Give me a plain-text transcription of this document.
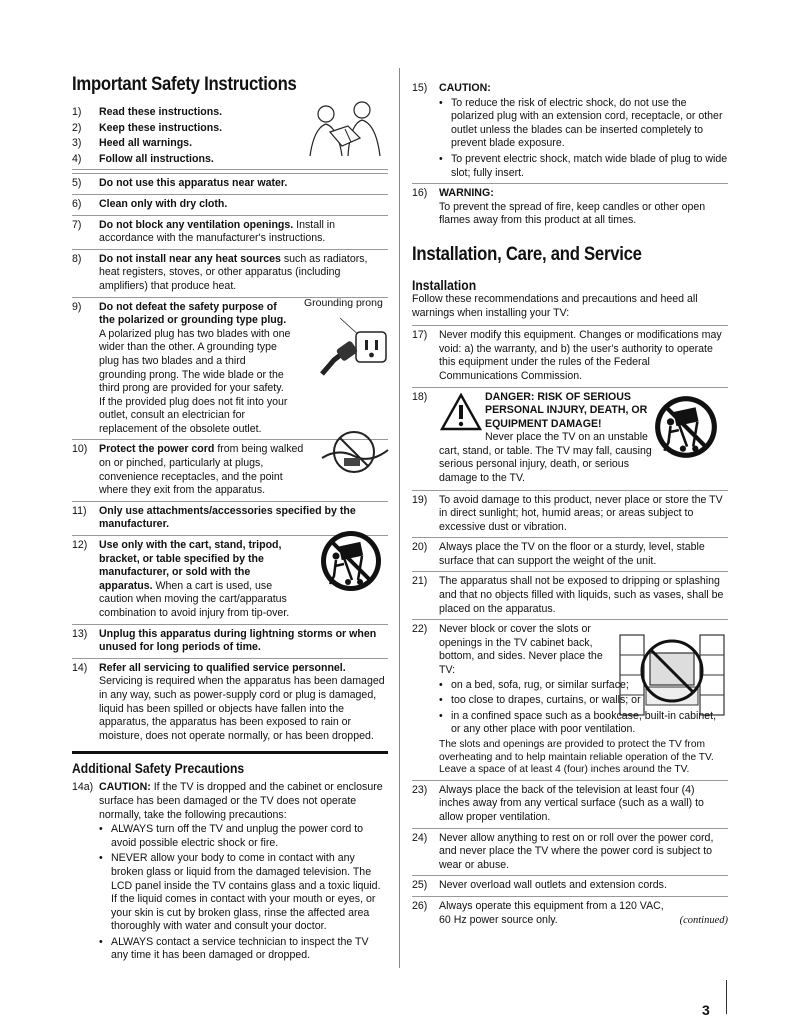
Important Safety Instructions
1) Read these instructions.
2) Keep these instructions.
3) Heed all warnings.
4) Follow all instructions.
5) Do not use this apparatus near water.
6) Clean only with dry cloth.
7) Do not block any ventilation openings. Install in accordance with the manufacturer's instructions.
8) Do not install near any heat sources such as radiators, heat registers, stoves, or other apparatus (including amplifiers) that produce heat.
9) Do not defeat the safety purpose of the polarized or grounding type plug. A polarized plug has two blades with one wider than the other. A grounding type plug has two blades and a third grounding prong. The wide blade or the third prong are provided for your safety. If the provided plug does not fit into your outlet, consult an electrician for replacement of the obsolete outlet.
10) Protect the power cord from being walked on or pinched, particularly at plugs, convenience receptacles, and the point where they exit from the apparatus.
11) Only use attachments/accessories specified by the manufacturer.
12) Use only with the cart, stand, tripod, bracket, or table specified by the manufacturer, or sold with the apparatus. When a cart is used, use caution when moving the cart/apparatus combination to avoid injury from tip-over.
13) Unplug this apparatus during lightning storms or when unused for long periods of time.
14) Refer all servicing to qualified service personnel. Servicing is required when the apparatus has been damaged in any way, such as power-supply cord or plug is damaged, liquid has been spilled or objects have fallen into the apparatus, the apparatus has been exposed to rain or moisture, does not operate normally, or has been dropped.
Additional Safety Precautions
14a) CAUTION: If the TV is dropped and the cabinet or enclosure surface has been damaged or the TV does not operate normally, take the following precautions:
• ALWAYS turn off the TV and unplug the power cord to avoid possible electric shock or fire.
• NEVER allow your body to come in contact with any broken glass or liquid from the damaged television. The LCD panel inside the TV contains glass and a toxic liquid. If the liquid comes in contact with your mouth or eyes, or your skin is cut by broken glass, rinse the affected area thoroughly with water and consult your doctor.
• ALWAYS contact a service technician to inspect the TV any time it has been damaged or dropped.
Grounding prong
15) CAUTION:
• To reduce the risk of electric shock, do not use the polarized plug with an extension cord, receptacle, or other outlet unless the blades can be inserted completely to prevent blade exposure.
• To prevent electric shock, match wide blade of plug to wide slot; fully insert.
16) WARNING:
To prevent the spread of fire, keep candles or other open flames away from this product at all times.
Installation, Care, and Service
Installation
Follow these recommendations and precautions and heed all warnings when installing your TV:
17) Never modify this equipment. Changes or modifications may void: a) the warranty, and b) the user's authority to operate this equipment under the rules of the Federal Communications Commission.
18)	DANGER: RISK OF SERIOUS PERSONAL INJURY, DEATH, OR EQUIPMENT DAMAGE!
Never place the TV on an unstable cart, stand, or table. The TV may fall, causing serious personal injury, death, or serious damage to the TV.
19) To avoid damage to this product, never place or store the TV in direct sunlight; hot, humid areas; or areas subject to excessive dust or vibration.
20) Always place the TV on the floor or a sturdy, level, stable surface that can support the weight of the unit.
21) The apparatus shall not be exposed to dripping or splashing and that no objects filled with liquids, such as vases, shall be placed on the apparatus.
22) Never block or cover the slots or openings in the TV cabinet back, bottom, and sides. Never place the TV:
• on a bed, sofa, rug, or similar surface;
• too close to drapes, curtains, or walls; or
• in a confined space such as a bookcase, built-in cabinet, or any other place with poor ventilation.
The slots and openings are provided to protect the TV from overheating and to help maintain reliable operation of the TV. Leave a space of at least 4 (four) inches around the TV.
23) Always place the back of the television at least four (4) inches away from any vertical surface (such as a wall) to allow proper ventilation.
24) Never allow anything to rest on or roll over the power cord, and never place the TV where the power cord is subject to wear or abuse.
25) Never overload wall outlets and extension cords.
26) Always operate this equipment from a 120 VAC, 60 Hz power source only.	(continued)
3
